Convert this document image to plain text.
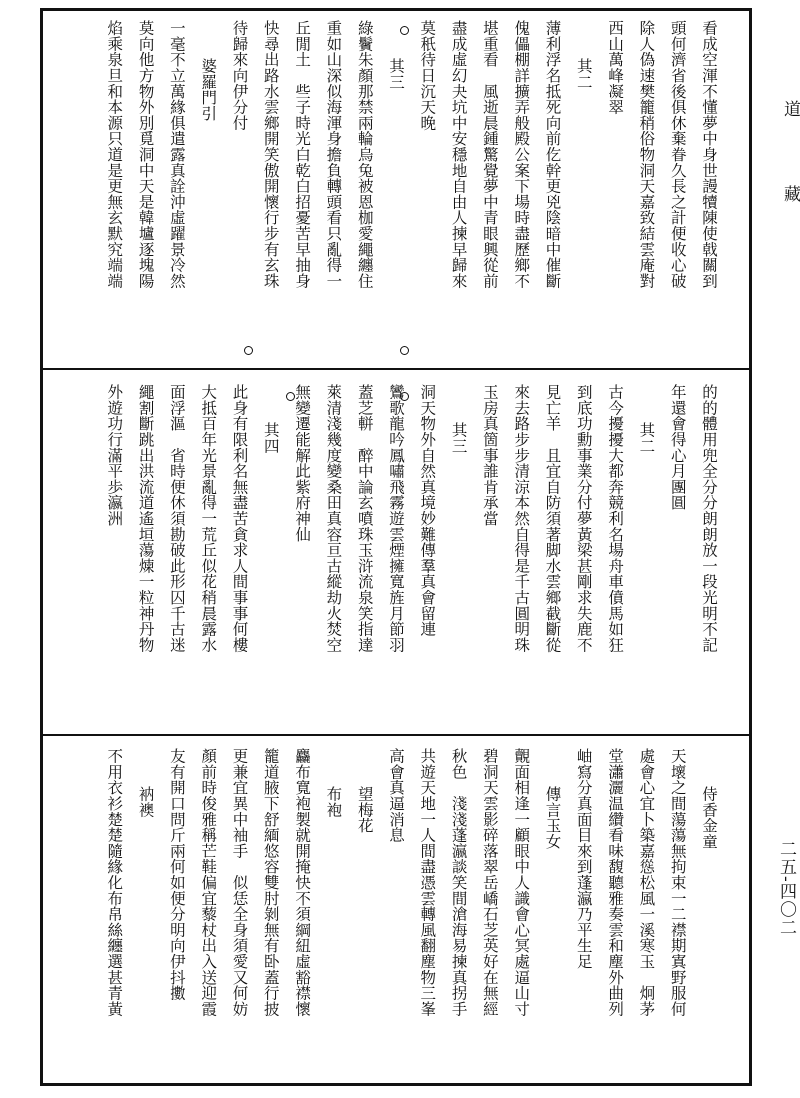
道
藏
二五-四〇二
看成空渾不懂夢中身世謾犢陳使戟關到
頭何濟省後俱休棄眷久長之計便收心破
除人偽速樊籠稍俗物洞天嘉致結雲庵對
西山萬峰凝翠
其二
薄利浮名抵死向前仡幹更兇陰暗中催斷
傀儡棚詳擴弄般殿公案下場時盡歷鄉不
堪重看　風逝晨鍾驚覺夢中青眼興從前
盡成虛幻夬坑中安穩地自由人揀早歸來
莫秖待日沉天晚
其三
綠鬢朱顏那禁兩輪烏兔被恩枷愛繩纏住
重如山深似海渾身擔負轉頭看只亂得一
丘閒土　些子時光白乾白招憂苦早抽身
快尋出路水雲鄉開笑傲開懷行步有玄珠
待歸來向伊分付
婆羅門引
一毫不立萬緣俱遣露真詮沖虛躍景冷然
莫向他方物外別覓洞中天是韓壚逐塊陽
焰乘泉旦和本源只道是更無玄默究端端
的的體用兜全分分朗朗放一段光明不記
年還會得心月團圓
其二
古今擾擾大都奔競利名場舟車僨馬如狂
到底功勳事業分付夢黃梁甚剛求失鹿不
見亡羊　且宜自防須著脚水雲鄉截斷從
來去路步步清涼本然自得是千古圓明珠
玉房真箇事誰肯承當
其三
洞天物外自然真境妙難傳羣真會留連
鸞歌龍吟鳳嘯飛霧遊雲煙擁寬旌月節羽
蓋芝軿　醉中論玄噴珠玉浒流泉笑指達
萊清淺幾度變桑田真容亘古縱劫火焚空
無變遷能解此紫府神仙
其四
此身有限利名無盡苦貪求人間事事何樓
大抵百年光景亂得一荒丘似花稍晨露水
面浮漚　省時便休須勘破此形囚千古迷
繩割斷跳出洪流道遙垣蕩煉一粒神丹物
外遊功行滿平歩瀛洲
侍香金童
天壞之間蕩蕩無拘束一二襟期寘野服何
處會心宜卜築嘉慫松風一溪寒玉　炯茅
堂瀟灑温纘看味馥聽雅奏雲和塵外曲列
岫寫分真面目來到蓬瀛乃平生足
傳言玉女
覿面相逢一顧眼中人識會心冥處逼山寸
碧洞天雲影碎落翠岳嶠石芝英好在無經
秋色　淺淺蓬瀛談笑間滄海易揀真拐手
共遊天地一人間盡憑雲轉風翻塵物三峯
高會真逼消息
望梅花
布袍
麤布寬袍製就開掩快不須綱紐虛豁襟懷
籠道腋下舒緬悠容雙肘剝無有卧蓋行披
更兼宜異中袖手　似恁全身須愛又何妨
顏前時俊雅稱芒鞋偏宜藜杖出入送迎霞
友有開口問斤兩何如便分明向伊抖擻
衲襖
不用衣衫楚楚隨緣化布帛絲纏選甚青黃
